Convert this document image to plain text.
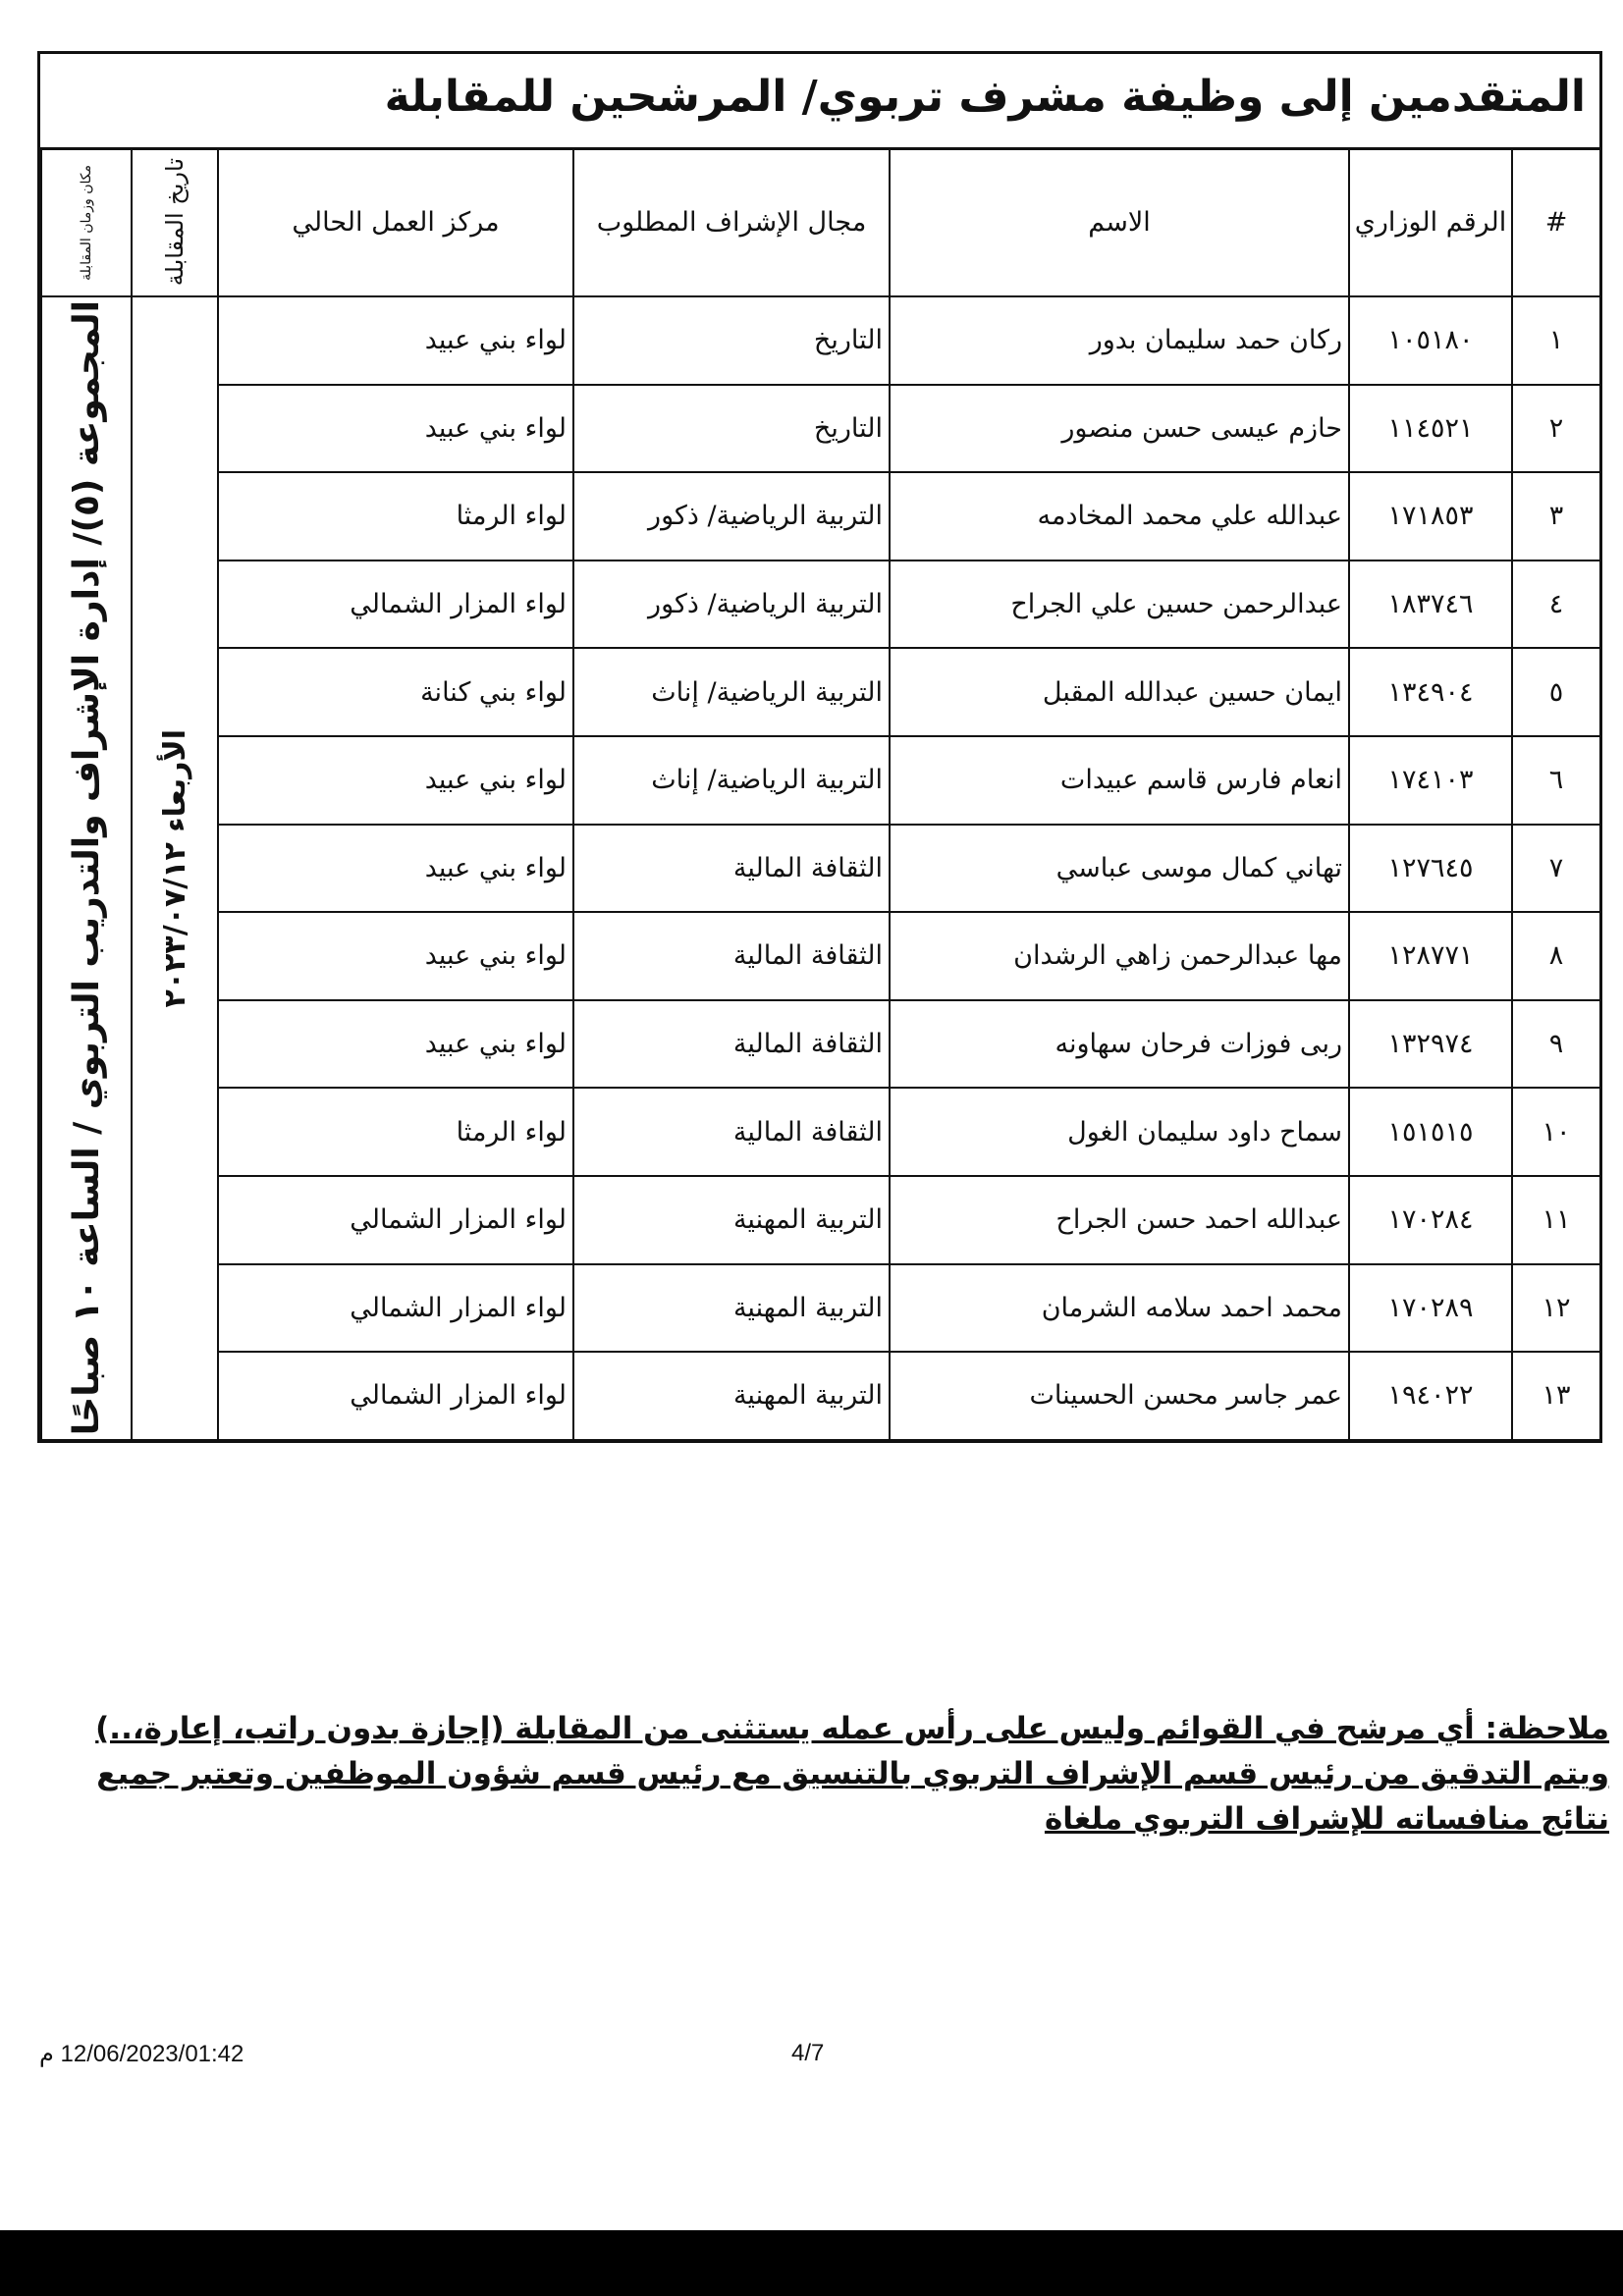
المتقدمين إلى وظيفة مشرف تربوي/ المرشحين للمقابلة
#	الرقم الوزاري	الاسم	مجال الإشراف المطلوب	مركز العمل الحالي	تاريخ المقابلة	مكان وزمان المقابلة

١	١٠٥١٨٠	ركان حمد سليمان بدور	التاريخ	لواء بني عبيد	الأربعاء ٢٠٢٣/٠٧/١٢	المجموعة (٥)/ إدارة الإشراف والتدريب التربوي / الساعة ١٠ صباحًا

٢	١١٤٥٢١	حازم عيسى حسن منصور	التاريخ	لواء بني عبيد		
٣	١٧١٨٥٣	عبدالله علي محمد المخادمه	التربية الرياضية/ ذكور	لواء الرمثا		
٤	١٨٣٧٤٦	عبدالرحمن حسين علي الجراح	التربية الرياضية/ ذكور	لواء المزار الشمالي		
٥	١٣٤٩٠٤	ايمان حسين عبدالله المقبل	التربية الرياضية/ إناث	لواء بني كنانة		
٦	١٧٤١٠٣	انعام فارس قاسم عبيدات	التربية الرياضية/ إناث	لواء بني عبيد		
٧	١٢٧٦٤٥	تهاني كمال موسى عباسي	الثقافة المالية	لواء بني عبيد		
٨	١٢٨٧٧١	مها عبدالرحمن زاهي الرشدان	الثقافة المالية	لواء بني عبيد		
٩	١٣٢٩٧٤	ربى فوزات فرحان سهاونه	الثقافة المالية	لواء بني عبيد		
١٠	١٥١٥١٥	سماح داود سليمان الغول	الثقافة المالية	لواء الرمثا		
١١	١٧٠٢٨٤	عبدالله احمد حسن الجراح	التربية المهنية	لواء المزار الشمالي		
١٢	١٧٠٢٨٩	محمد احمد سلامه الشرمان	التربية المهنية	لواء المزار الشمالي		
١٣	١٩٤٠٢٢	عمر جاسر محسن الحسينات	التربية المهنية	لواء المزار الشمالي		
ملاحظة: أي مرشح في القوائم وليس على رأس عمله يستثنى من المقابلة (إجازة بدون راتب، إعارة،..) ويتم التدقيق من رئيس قسم الإشراف التربوي بالتنسيق مع رئيس قسم شؤون الموظفين وتعتبر جميع نتائج منافساته للإشراف التربوي ملغاة
12/06/2023/01:42 م	4/7
